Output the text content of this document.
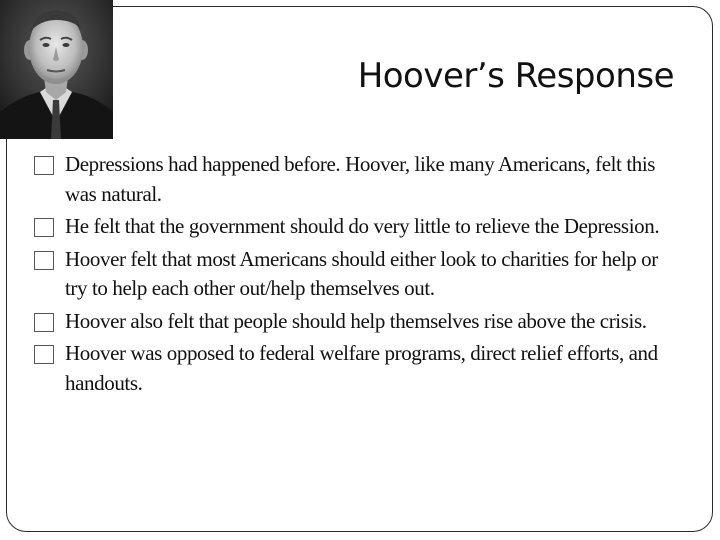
Hoover’s Response
Depressions had happened before. Hoover, like many Americans, felt this was natural.
He felt that the government should do very little to relieve the Depression.
Hoover felt that most Americans should either look to charities for help or try to help each other out/help themselves out.
Hoover also felt that people should help themselves rise above the crisis.
Hoover was opposed to federal welfare programs, direct relief efforts, and handouts.
